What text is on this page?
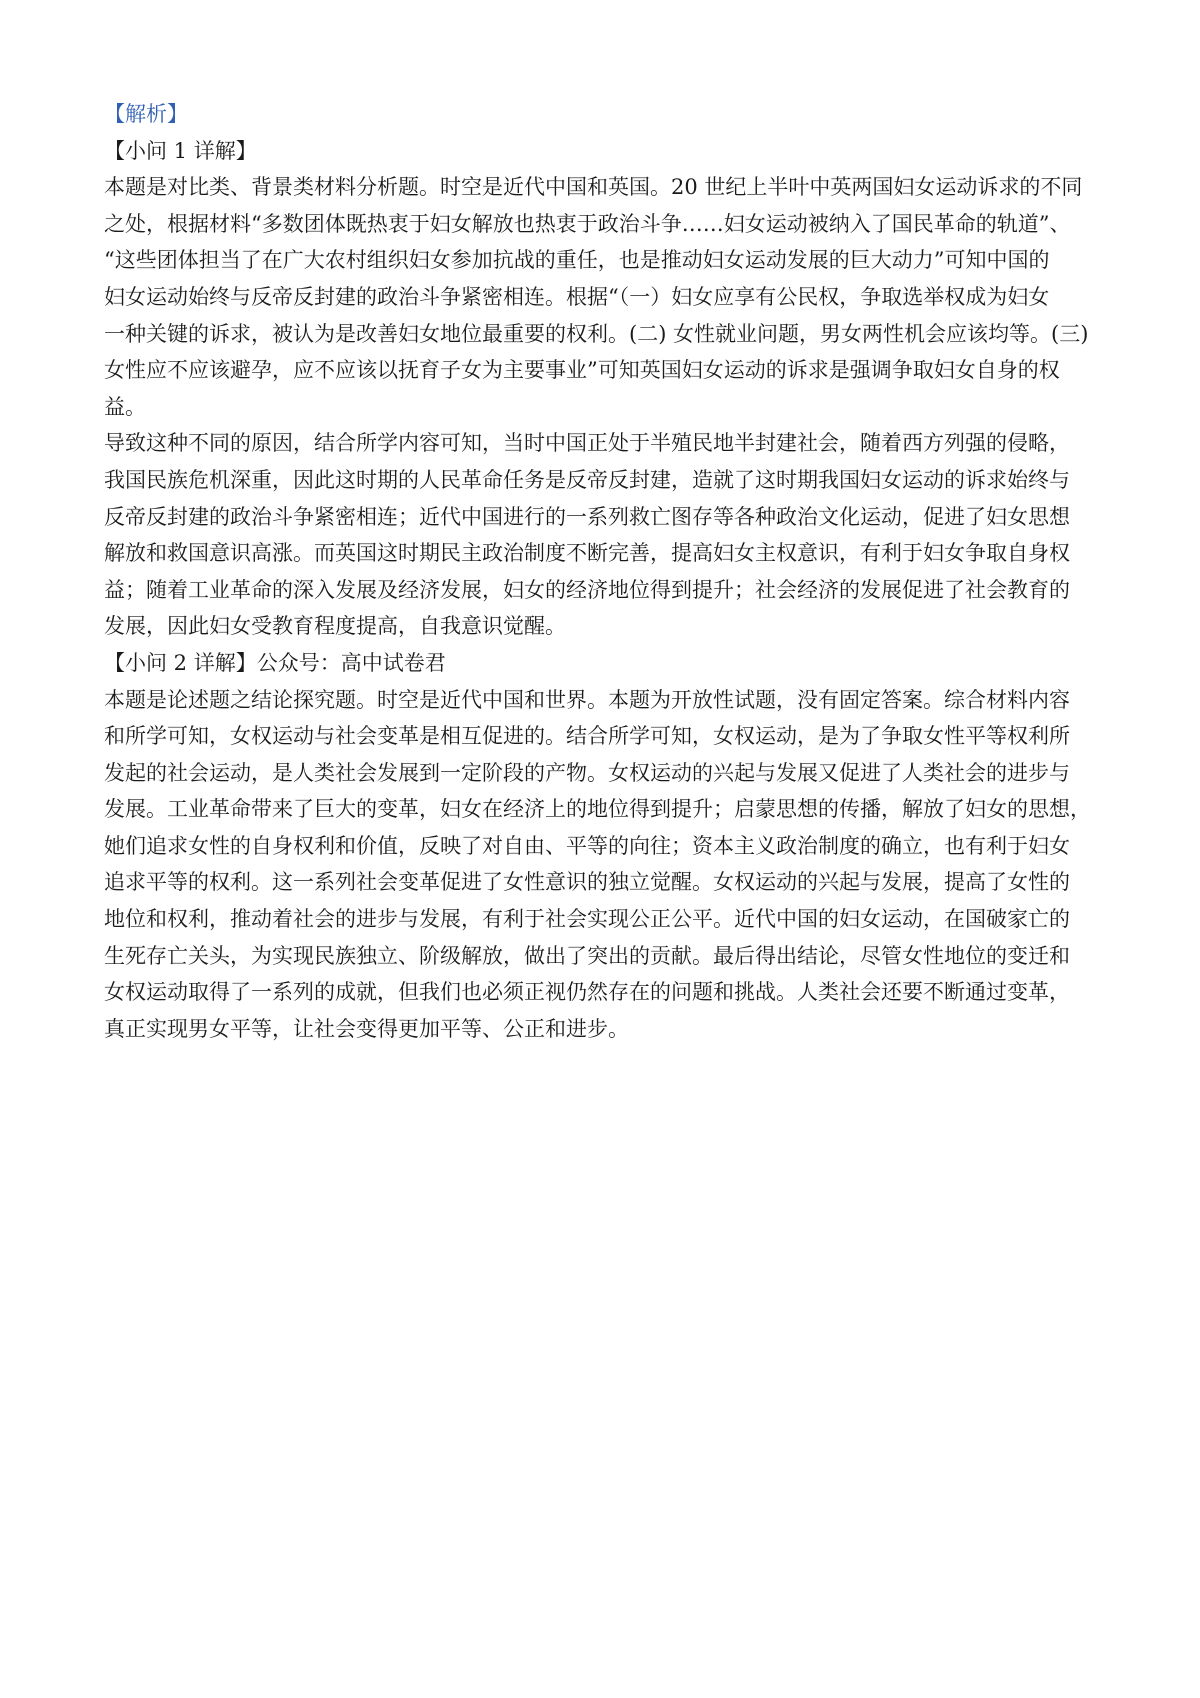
【解析】

【小问 1 详解】

本题是对比类、背景类材料分析题。时空是近代中国和英国。20 世纪上半叶中英两国妇女运动诉求的不同

之处，根据材料“多数团体既热衷于妇女解放也热衷于政治斗争……妇女运动被纳入了国民革命的轨道”、

“这些团体担当了在广大农村组织妇女参加抗战的重任，也是推动妇女运动发展的巨大动力”可知中国的

妇女运动始终与反帝反封建的政治斗争紧密相连。根据“（一）妇女应享有公民权，争取选举权成为妇女

一种关键的诉求，被认为是改善妇女地位最重要的权利。(二) 女性就业问题，男女两性机会应该均等。(三)

女性应不应该避孕，应不应该以抚育子女为主要事业”可知英国妇女运动的诉求是强调争取妇女自身的权

益。

导致这种不同的原因，结合所学内容可知，当时中国正处于半殖民地半封建社会，随着西方列强的侵略，

我国民族危机深重，因此这时期的人民革命任务是反帝反封建，造就了这时期我国妇女运动的诉求始终与

反帝反封建的政治斗争紧密相连；近代中国进行的一系列救亡图存等各种政治文化运动，促进了妇女思想

解放和救国意识高涨。而英国这时期民主政治制度不断完善，提高妇女主权意识，有利于妇女争取自身权

益；随着工业革命的深入发展及经济发展，妇女的经济地位得到提升；社会经济的发展促进了社会教育的

发展，因此妇女受教育程度提高，自我意识觉醒。

【小问 2 详解】公众号：高中试卷君

本题是论述题之结论探究题。时空是近代中国和世界。本题为开放性试题，没有固定答案。综合材料内容

和所学可知，女权运动与社会变革是相互促进的。结合所学可知，女权运动，是为了争取女性平等权利所

发起的社会运动，是人类社会发展到一定阶段的产物。女权运动的兴起与发展又促进了人类社会的进步与

发展。工业革命带来了巨大的变革，妇女在经济上的地位得到提升；启蒙思想的传播，解放了妇女的思想，

她们追求女性的自身权利和价值，反映了对自由、平等的向往；资本主义政治制度的确立，也有利于妇女

追求平等的权利。这一系列社会变革促进了女性意识的独立觉醒。女权运动的兴起与发展，提高了女性的

地位和权利，推动着社会的进步与发展，有利于社会实现公正公平。近代中国的妇女运动，在国破家亡的

生死存亡关头，为实现民族独立、阶级解放，做出了突出的贡献。最后得出结论，尽管女性地位的变迁和

女权运动取得了一系列的成就，但我们也必须正视仍然存在的问题和挑战。人类社会还要不断通过变革，

真正实现男女平等，让社会变得更加平等、公正和进步。
